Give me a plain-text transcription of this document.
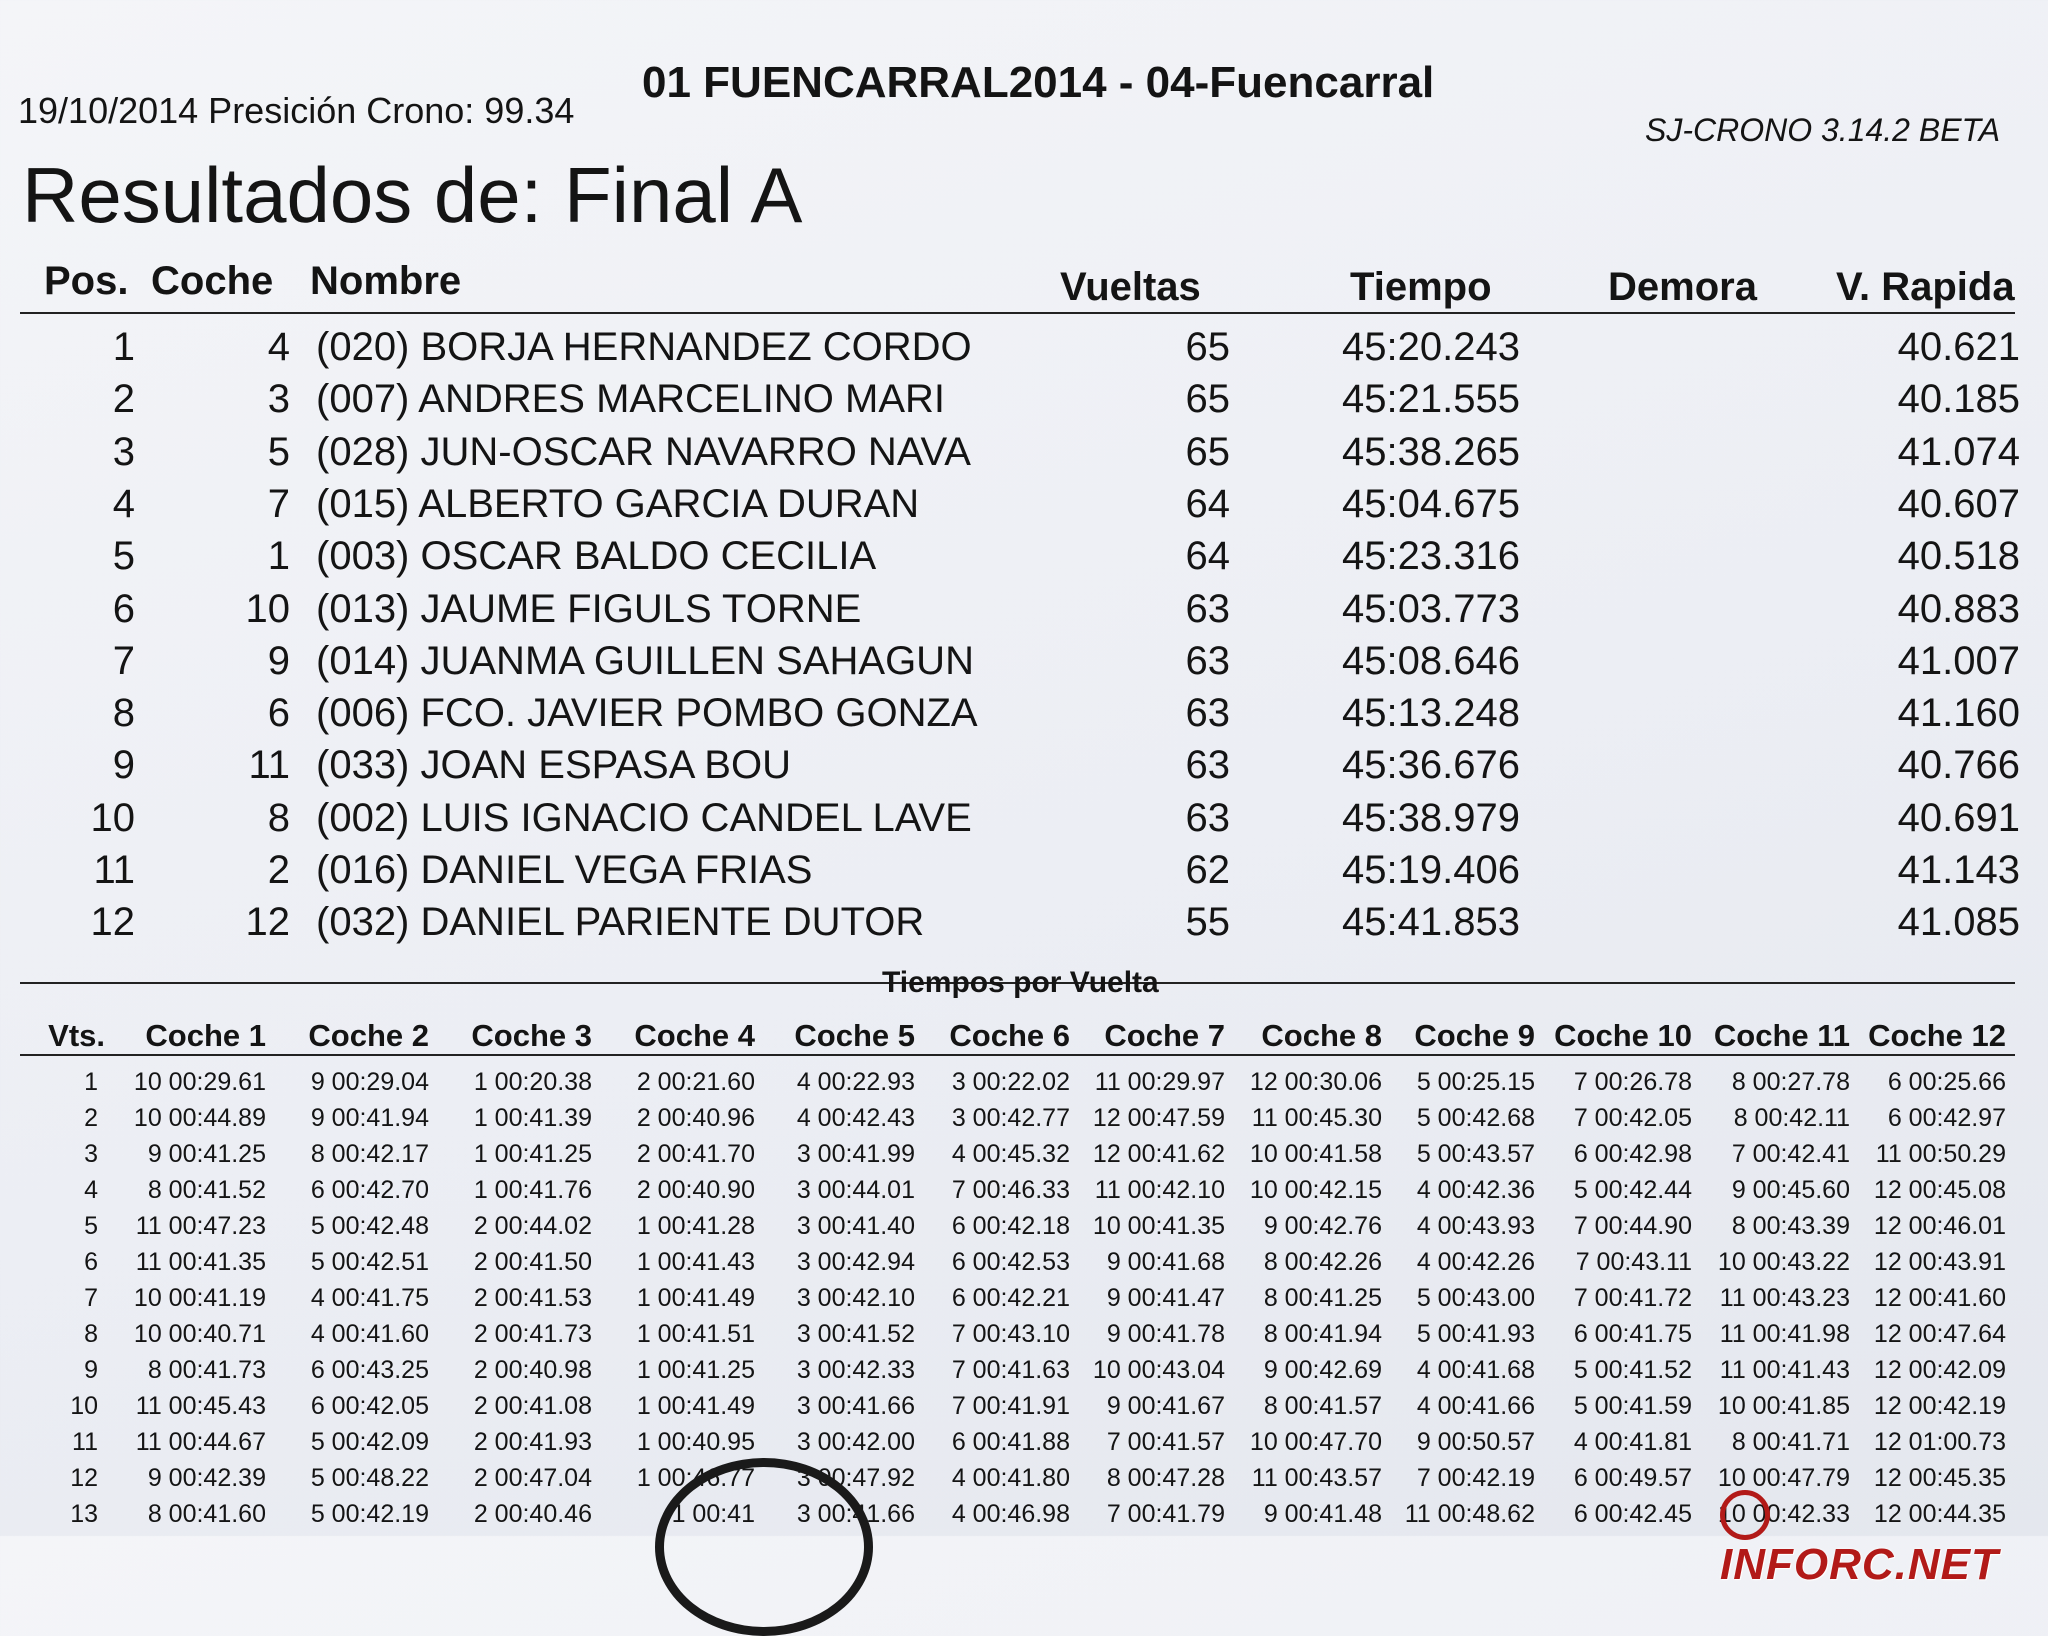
19/10/2014 Presición Crono: 99.34
01 FUENCARRAL2014 - 04-Fuencarral
SJ-CRONO 3.14.2 BETA
Resultados de: Final A
Pos. Coche Nombre	Vueltas	Tiempo	Demora V. Rapida
1	4 (020) BORJA HERNANDEZ CORDO	65	45:20.243	40.621
2	3 (007) ANDRES MARCELINO MARI	65	45:21.555	40.185
3	5 (028) JUN-OSCAR NAVARRO NAVA	65	45:38.265	41.074
4	7 (015) ALBERTO GARCIA DURAN	64	45:04.675	40.607
5	1 (003) OSCAR BALDO CECILIA	64	45:23.316	40.518
6	10 (013) JAUME FIGULS TORNE	63	45:03.773	40.883
7	9 (014) JUANMA GUILLEN SAHAGUN	63	45:08.646	41.007
8	6 (006) FCO. JAVIER POMBO GONZA	63	45:13.248	41.160
9	11 (033) JOAN ESPASA BOU	63	45:36.676	40.766
10	8 (002) LUIS IGNACIO CANDEL LAVE	63	45:38.979	40.691
11	2 (016) DANIEL VEGA FRIAS	62	45:19.406	41.143
12	12 (032) DANIEL PARIENTE DUTOR	55	45:41.853	41.085
Tiempos por Vuelta
Vts. Coche 1 Coche 2 Coche 3 Coche 4 Coche 5 Coche 6 Coche 7 Coche 8 Coche 9 Coche 10 Coche 11 Coche 12
1 10 00:29.61 9 00:29.04 1 00:20.38 2 00:21.60 4 00:22.93 3 00:22.02 11 00:29.97 12 00:30.06 5 00:25.15 7 00:26.78 8 00:27.78 6 00:25.66
2 10 00:44.89 9 00:41.94 1 00:41.39 2 00:40.96 4 00:42.43 3 00:42.77 12 00:47.59 11 00:45.30 5 00:42.68 7 00:42.05 8 00:42.11 6 00:42.97
3 9 00:41.25 8 00:42.17 1 00:41.25 2 00:41.70 3 00:41.99 4 00:45.32 12 00:41.62 10 00:41.58 5 00:43.57 6 00:42.98 7 00:42.41 11 00:50.29
4 8 00:41.52 6 00:42.70 1 00:41.76 2 00:40.90 3 00:44.01 7 00:46.33 11 00:42.10 10 00:42.15 4 00:42.36 5 00:42.44 9 00:45.60 12 00:45.08
5 11 00:47.23 5 00:42.48 2 00:44.02 1 00:41.28 3 00:41.40 6 00:42.18 10 00:41.35 9 00:42.76 4 00:43.93 7 00:44.90 8 00:43.39 12 00:46.01
6 11 00:41.35 5 00:42.51 2 00:41.50 1 00:41.43 3 00:42.94 6 00:42.53 9 00:41.68 8 00:42.26 4 00:42.26 7 00:43.11 10 00:43.22 12 00:43.91
7 10 00:41.19 4 00:41.75 2 00:41.53 1 00:41.49 3 00:42.10 6 00:42.21 9 00:41.47 8 00:41.25 5 00:43.00 7 00:41.72 11 00:43.23 12 00:41.60
8 10 00:40.71 4 00:41.60 2 00:41.73 1 00:41.51 3 00:41.52 7 00:43.10 9 00:41.78 8 00:41.94 5 00:41.93 6 00:41.75 11 00:41.98 12 00:47.64
9 8 00:41.73 6 00:43.25 2 00:40.98 1 00:41.25 3 00:42.33 7 00:41.63 10 00:43.04 9 00:42.69 4 00:41.68 5 00:41.52 11 00:41.43 12 00:42.09
10 11 00:45.43 6 00:42.05 2 00:41.08 1 00:41.49 3 00:41.66 7 00:41.91 9 00:41.67 8 00:41.57 4 00:41.66 5 00:41.59 10 00:41.85 12 00:42.19
11 11 00:44.67 5 00:42.09 2 00:41.93 1 00:40.95 3 00:42.00 6 00:41.88 7 00:41.57 10 00:47.70 9 00:50.57 4 00:41.81 8 00:41.71 12 01:00.73
12 9 00:42.39 5 00:48.22 2 00:47.04 1 00:46.77 3 00:47.92 4 00:41.80 8 00:47.28 11 00:43.57 7 00:42.19 6 00:49.57 10 00:47.79 12 00:45.35
13 8 00:41.60 5 00:42.19 2 00:40.46	1 00:41 3 00:41.66 4 00:46.98 7 00:41.79 9 00:41.48 11 00:48.62 6 00:42.45 10 00:42.33 12 00:44.35
INFORC.NET
